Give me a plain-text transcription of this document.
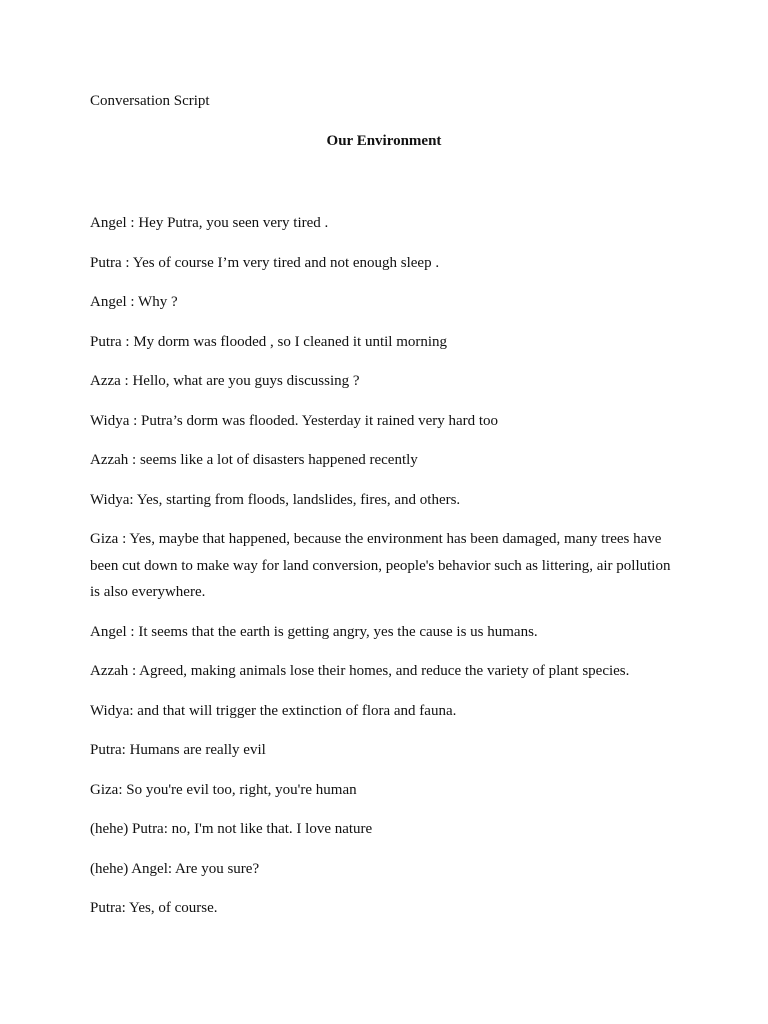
Conversation Script
Our Environment

Angel : Hey Putra, you seen very tired .

Putra : Yes of course I’m very tired and not enough sleep .

Angel : Why ?

Putra : My dorm was flooded , so I cleaned it until morning

Azza : Hello, what are you guys discussing ?

Widya : Putra’s dorm was flooded. Yesterday it rained very hard too

Azzah : seems like a lot of disasters happened recently

Widya: Yes, starting from floods, landslides, fires, and others.

Giza : Yes, maybe that happened, because the environment has been damaged, many trees have been cut down to make way for land conversion, people's behavior such as littering, air pollution is also everywhere.

Angel : It seems that the earth is getting angry, yes the cause is us humans.

Azzah : Agreed, making animals lose their homes, and reduce the variety of plant species.

Widya: and that will trigger the extinction of flora and fauna.

Putra: Humans are really evil

Giza: So you're evil too, right, you're human

(hehe) Putra: no, I'm not like that. I love nature

(hehe) Angel: Are you sure?

Putra: Yes, of course.
